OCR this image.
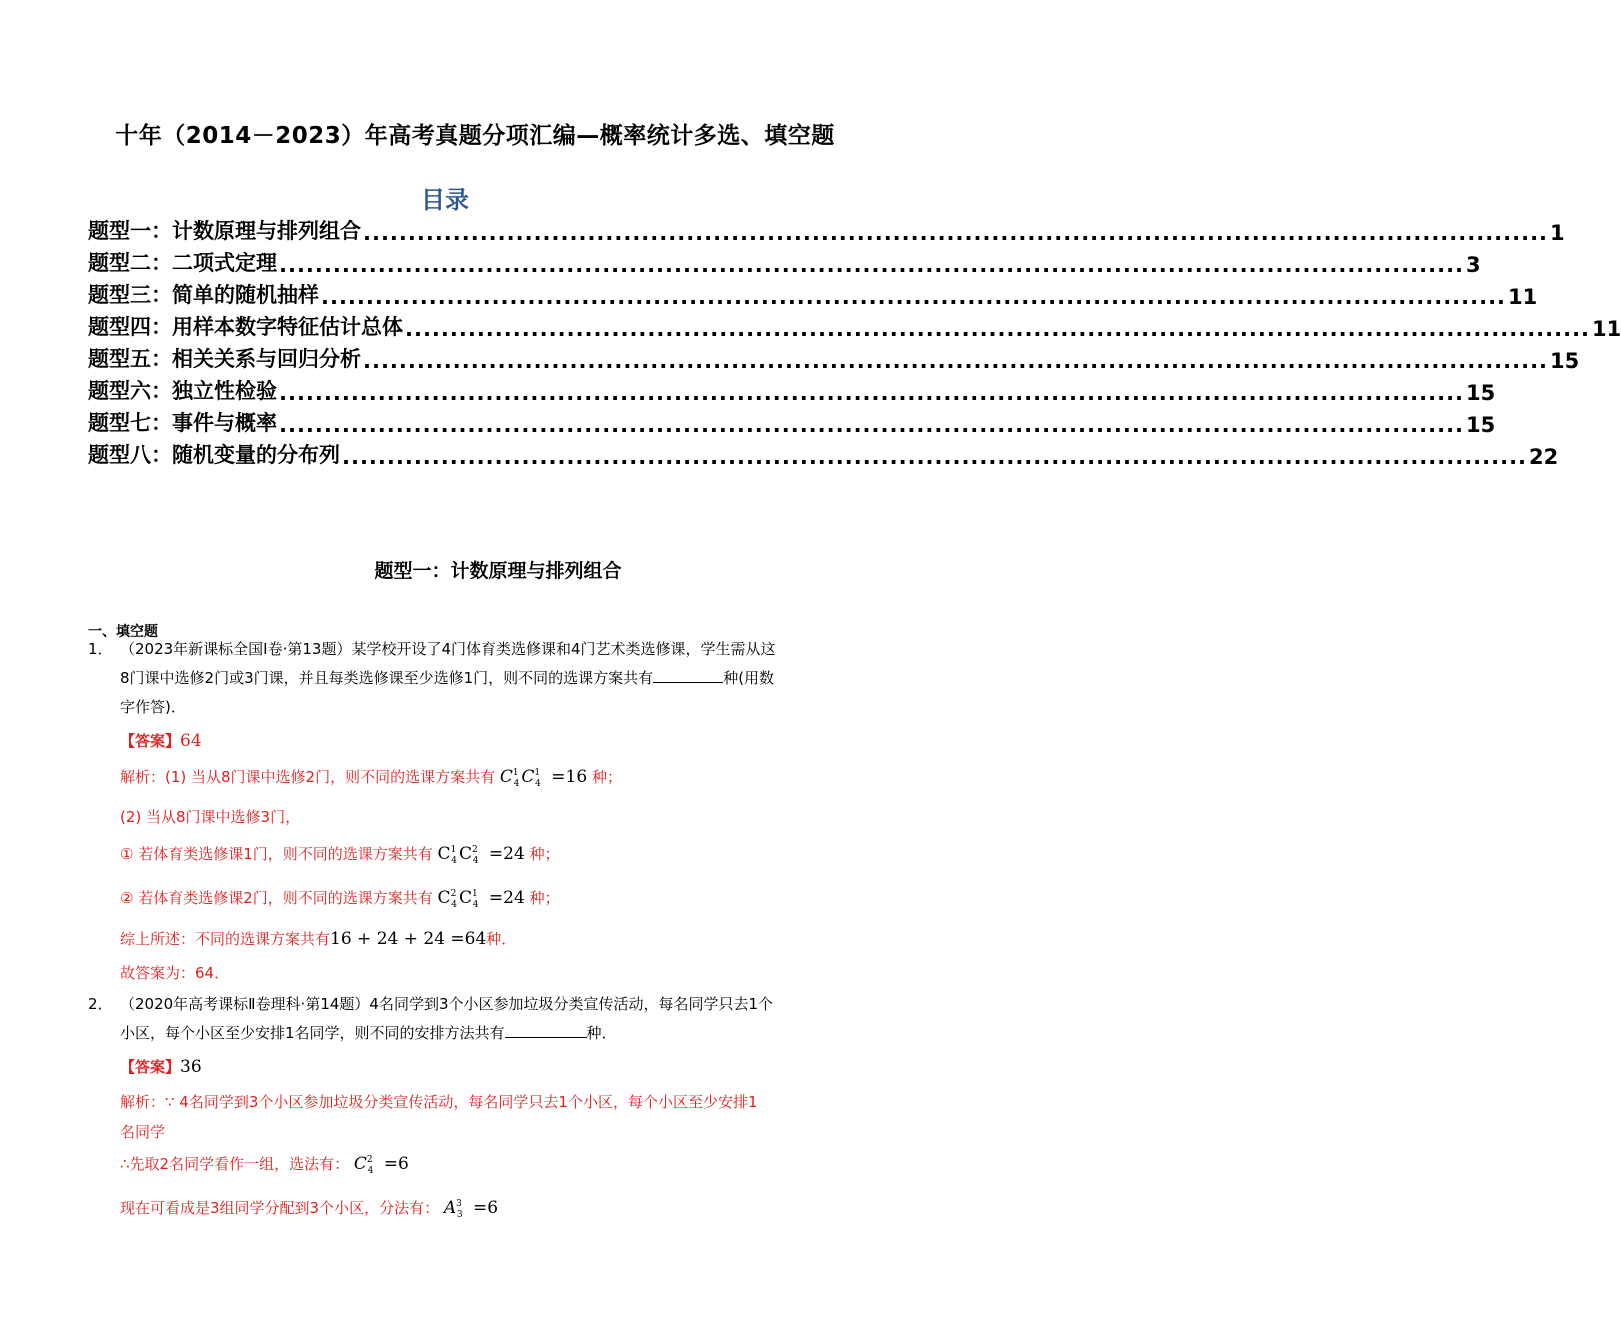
十年（2014－2023）年高考真题分项汇编—概率统计多选、填空题
目录
题型一：计数原理与排列组合 .................................................................................................................................... 1
题型二：二项式定理 .................................................................................................................................... 3
题型三：简单的随机抽样 .................................................................................................................................... 11
题型四：用样本数字特征估计总体 .................................................................................................................................... 11
题型五：相关关系与回归分析 .................................................................................................................................... 15
题型六：独立性检验 .................................................................................................................................... 15
题型七：事件与概率 .................................................................................................................................... 15
题型八：随机变量的分布列 .................................................................................................................................... 22
题型一：计数原理与排列组合
一、填空题
1． （2023年新课标全国Ⅰ卷·第13题）某学校开设了4门体育类选修课和4门艺术类选修课，学生需从这
8门课中选修2门或3门课，并且每类选修课至少选修1门，则不同的选课方案共有	种(用数
字作答)．
【答案】64
解析：(1) 当从8门课中选修2门，则不同的选课方案共有 $C^1_4$ $C^1_4 =16$ 种；
(2) 当从8门课中选修3门，
① 若体育类选修课1门，则不同的选课方案共有 $C^1_4$ $C^2_4 =24$ 种；
② 若体育类选修课2门，则不同的选课方案共有 $C^2_4$ $C^1_4 =24$ 种；
综上所述：不同的选课方案共有16 + 24 + 24 =64种．
故答案为：64．
2． （2020年高考课标Ⅱ卷理科·第14题）4名同学到3个小区参加垃圾分类宣传活动，每名同学只去1个
小区，每个小区至少安排1名同学，则不同的安排方法共有	种．
【答案】36
解析：∵ 4名同学到3个小区参加垃圾分类宣传活动，每名同学只去1个小区，每个小区至少安排1
名同学
∴先取2名同学看作一组，选法有： $C^2_4 =6$
现在可看成是3组同学分配到3个小区，分法有： $A^3_3 =6$
